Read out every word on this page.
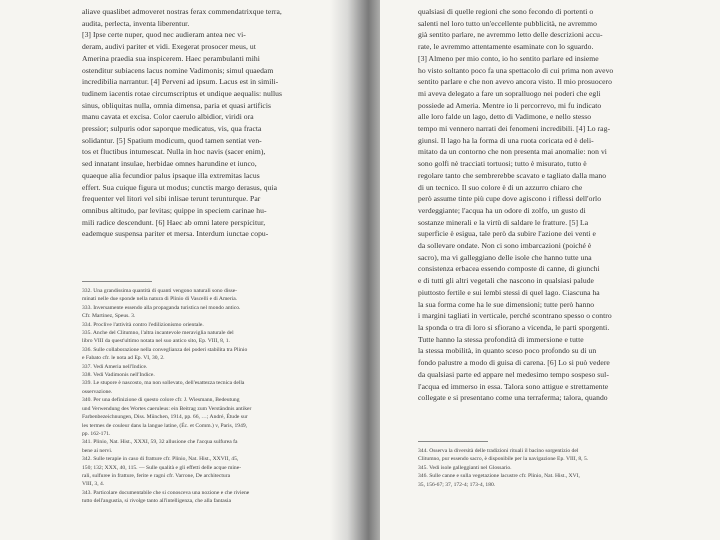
aliave quaslibet admoveret nostras ferax commendatrixque terra,
audita, perlecta, inventa liberentur.
[3] Ipse certe nuper, quod nec audieram antea nec vi-
deram, audivi pariter et vidi. Exegerat prosocer meus, ut
Amerina praedia sua inspicerem. Haec perambulanti mihi
ostenditur subiacens lacus nomine Vadimonis; simul quaedam
incredibilia narrantur. [4] Perveni ad ipsum. Lacus est in simili-
tudinem iacentis rotae circumscriptus et undique aequalis: nullus
sinus, obliquitas nulla, omnia dimensa, paria et quasi artificis
manu cavata et excisa. Color caerulo albidior, viridi ora
pressior; sulpuris odor saporque medicatus, vis, qua fracta
solidantur. [5] Spatium modicum, quod tamen sentiat ven-
tos et fluctibus intumescat. Nulla in hoc navis (sacer enim),
sed innatant insulae, herbidae omnes harundine et iunco,
quaeque alia fecundior palus ipsaque illa extremitas lacus
effert. Sua cuique figura ut modus; cunctis margo derasus, quia
frequenter vel litori vel sibi inlisae terunt terunturque. Par
omnibus altitudo, par levitas; quippe in speciem carinae hu-
mili radice descendunt. [6] Haec ab omni latere perspicitur,
eademque suspensa pariter et mersa. Interdum iunctae copu-
332. Una grandissima quantità di quanti vengono naturali sono disse-
minati nelle due sponde nella natura di Plinio di Vascelli e di Ameria.
333. Inversamente essendo alla propaganda turistica nel mondo antico.
Cfr. Martinez, Speus. 3.
334. Proclive l'attività contro l'edilizionismo orientale.
335. Anche del Clitumno, l'altra incantevole meraviglia naturale del
libro VIII da quest'ultimo notata nel suo antico sito, Ep. VIII, 8, 1.
336. Sulle collaborazione nella conveglianza dei poderi stabilita tra Plinio
e Fabato cfr. le nota ad Ep. VI, 30, 2.
337. Vedi Ameria nell'Indice.
338. Vedi Vadimonis nell'Indice.
339. Le stupore è nascosto, ma non sollevato, dell'esattezza tecnica della
osservazione.
340. Per una definizione di questo colore cfr. J. Wiesmann, Bedeutung
und Verwendung des Wortes caeruleus: ein Beitrag zum Verständnis antiker
Farbenbezeichnungen, Diss. München, 1914, pp. 66, …; André, Étude sur
les termes de couleur dans la langue latine, (Éc. et Comm.) v, Paris, 1949,
pp. 162-171.
341. Plinio, Nat. Hist., XXXI, 59, 32 allusione che l'acqua sulfurea fa
bene ai nervi.
342. Sulle terapie in caso di fratture cfr. Plinio, Nat. Hist., XXVII, 45,
150; 132; XXX, 40, 115. — Sulle qualità e gli effetti delle acque mine-
rali, sulfuree in fratture, ferite e ragni cfr. Varrone, De architectura
VIII, 3, 4.
343. Particolare documentabile che si conosceva una nozione e che riviene
tutto dell'angustia, si rivolge tanto all'intelligenza, che alla fantasia
qualsiasi di quelle regioni che sono fecondo di portenti o
salenti nel loro tutto un'eccellente pubblicità, ne avremmo
già sentito parlare, ne avremmo letto delle descrizioni accu-
rate, le avremmo attentamente esaminate con lo sguardo.
[3] Almeno per mio conto, io ho sentito parlare ed insieme
ho visto soltanto poco fa una spettacolo di cui prima non avevo
sentito parlare e che non avevo ancora visto. Il mio prosuocero
mi aveva delegato a fare un sopralluogo nei poderi che egli
possiede ad Ameria. Mentre io li percorrevo, mi fu indicato
alle loro falde un lago, detto di Vadimone, e nello stesso
tempo mi vennero narrati dei fenomeni incredibili. [4] Lo rag-
giunsi. Il lago ha la forma di una ruota coricata ed è deli-
mitato da un contorno che non presenta mai anomalie: non vi
sono golfi nè tracciati tortuosi; tutto è misurato, tutto è
regolare tanto che sembrerebbe scavato e tagliato dalla mano
di un tecnico. Il suo colore è di un azzurro chiaro che
però assume tinte più cupe dove agiscono i riflessi dell'orlo
verdeggiante; l'acqua ha un odore di zolfo, un gusto di
sostanze minerali e la virtù di saldare le fratture. [5] La
superficie è esigua, tale però da subire l'azione dei venti e
da sollevare ondate. Non ci sono imbarcazioni (poiché è
sacro), ma vi galleggiano delle isole che hanno tutte una
consistenza erbacea essendo composte di canne, di giunchi
e di tutti gli altri vegetali che nascono in qualsiasi palude
piuttosto fertile e sui lembi stessi di quel lago. Ciascuna ha
la sua forma come ha le sue dimensioni; tutte però hanno
i margini tagliati in verticale, perché scontrano spesso o contro
la sponda o tra di loro si sfiorano a vicenda, le parti sporgenti.
Tutte hanno la stessa profondità di immersione e tutte
la stessa mobilità, in quanto sceso poco profondo su di un
fondo palustre a modo di guisa di carena. [6] Lo si può vedere
da qualsiasi parte ed appare nel medesimo tempo sospeso sul-
l'acqua ed immerso in essa. Talora sono attigue e strettamente
collegate e si presentano come una terraferma; talora, quando
344. Osserva la diversità delle tradizioni rituali il bacino sorgentizio del
Clitumno, pur essendo sacro, è disponibile per la navigazione Ep. VIII, 8, 5.
345. Vedi isole galleggianti nel Glossario.
346. Sulle canne e sulla vegetazione lacustre cfr. Plinio, Nat. Hist., XVI,
35, 156-67; 37, 172-4; 173-4, 180.
